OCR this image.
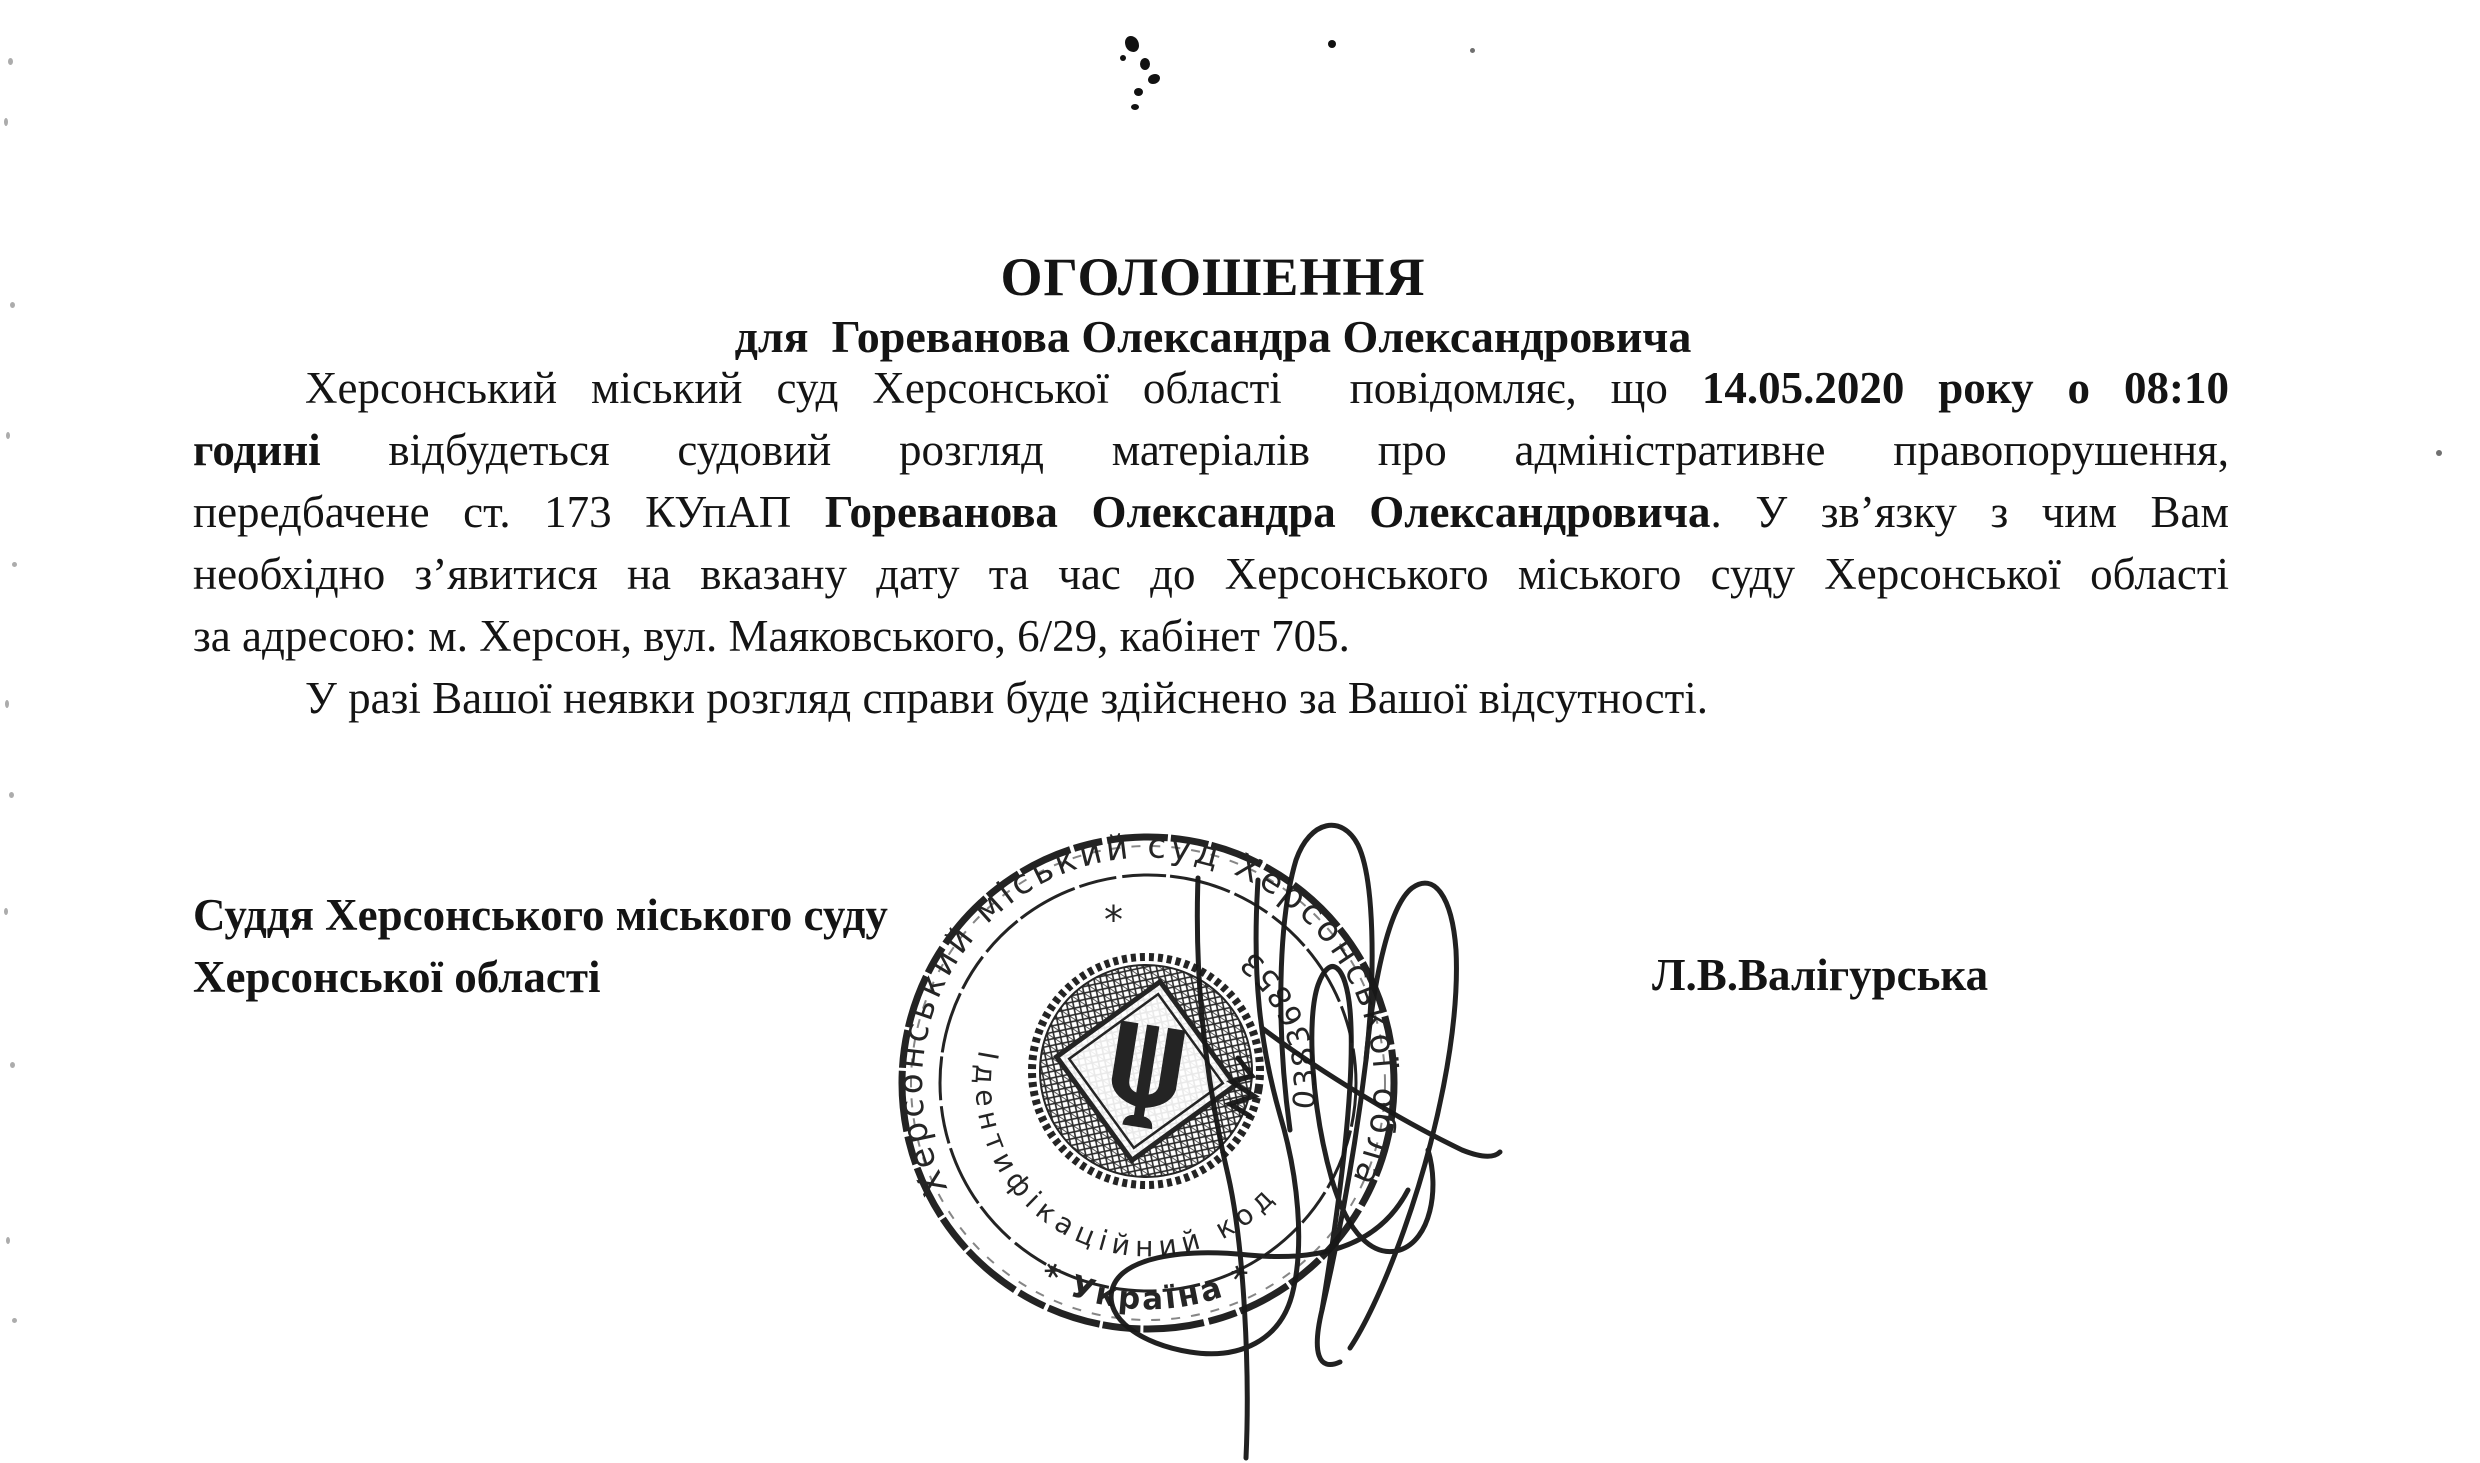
ОГОЛОШЕННЯ
для  Гореванова Олександра Олександровича
Херсонський міський суд Херсонської області  повідомляє, що 14.05.2020 року о 08:10
годині відбудеться судовий розгляд матеріалів про адміністративне правопорушення,
передбачене ст. 173 КУпАП Гореванова Олександра Олександровича. У зв’язку з чим Вам
необхідно з’явитися на вказану дату та час до Херсонського міського суду Херсонської області
за адресою: м. Херсон, вул. Маяковського, 6/29, кабінет 705.
У разі Вашої неявки розгляд справи буде здійснено за Вашої відсутності.
Суддя Херсонського міського суду
Херсонської області	Л.В.Валігурська
Херсонський міський суд Херсонської обла
* Україна *
Ідентифікаційний код
03836853
*
